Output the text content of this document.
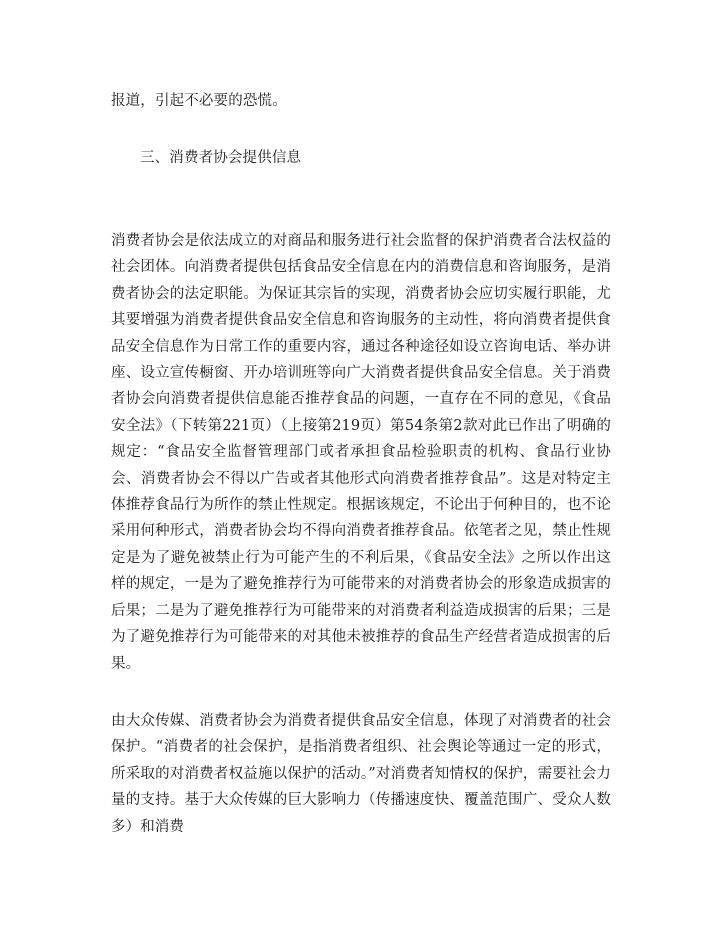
报道，引起不必要的恐慌。
三、消费者协会提供信息
消费者协会是依法成立的对商品和服务进行社会监督的保护消费者合法权益的社会团体。向消费者提供包括食品安全信息在内的消费信息和咨询服务，是消费者协会的法定职能。为保证其宗旨的实现，消费者协会应切实履行职能，尤其要增强为消费者提供食品安全信息和咨询服务的主动性，将向消费者提供食品安全信息作为日常工作的重要内容，通过各种途径如设立咨询电话、举办讲座、设立宣传橱窗、开办培训班等向广大消费者提供食品安全信息。关于消费者协会向消费者提供信息能否推荐食品的问题，一直存在不同的意见，《食品安全法》（下转第221页）（上接第219页）第54条第2款对此已作出了明确的规定：“食品安全监督管理部门或者承担食品检验职责的机构、食品行业协会、消费者协会不得以广告或者其他形式向消费者推荐食品”。这是对特定主体推荐食品行为所作的禁止性规定。根据该规定，不论出于何种目的，也不论采用何种形式，消费者协会均不得向消费者推荐食品。依笔者之见，禁止性规定是为了避免被禁止行为可能产生的不利后果，《食品安全法》之所以作出这样的规定，一是为了避免推荐行为可能带来的对消费者协会的形象造成损害的后果；二是为了避免推荐行为可能带来的对消费者利益造成损害的后果；三是为了避免推荐行为可能带来的对其他未被推荐的食品生产经营者造成损害的后果。
由大众传媒、消费者协会为消费者提供食品安全信息，体现了对消费者的社会保护。“消费者的社会保护，是指消费者组织、社会舆论等通过一定的形式，所采取的对消费者权益施以保护的活动。”对消费者知情权的保护，需要社会力量的支持。基于大众传媒的巨大影响力（传播速度快、覆盖范围广、受众人数多）和消费
